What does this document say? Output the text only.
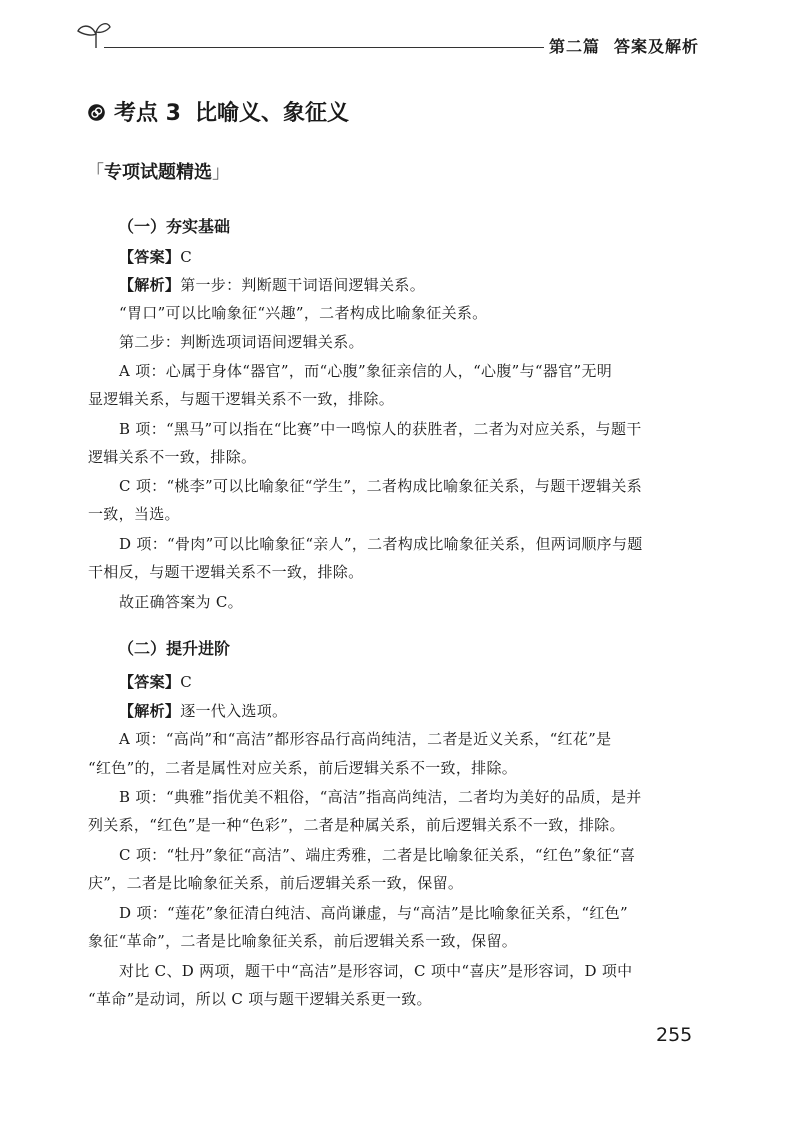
第二篇 答案及解析
考点 3 比喻义、象征义
「专项试题精选」
（一）夯实基础
【答案】C
【解析】第一步：判断题干词语间逻辑关系。
“胃口”可以比喻象征“兴趣”，二者构成比喻象征关系。
第二步：判断选项词语间逻辑关系。
A 项：心属于身体“器官”，而“心腹”象征亲信的人，“心腹”与“器官”无明
显逻辑关系，与题干逻辑关系不一致，排除。
B 项：“黑马”可以指在“比赛”中一鸣惊人的获胜者，二者为对应关系，与题干
逻辑关系不一致，排除。
C 项：“桃李”可以比喻象征“学生”，二者构成比喻象征关系，与题干逻辑关系
一致，当选。
D 项：“骨肉”可以比喻象征“亲人”，二者构成比喻象征关系，但两词顺序与题
干相反，与题干逻辑关系不一致，排除。
故正确答案为 C。
（二）提升进阶
【答案】C
【解析】逐一代入选项。
A 项：“高尚”和“高洁”都形容品行高尚纯洁，二者是近义关系，“红花”是
“红色”的，二者是属性对应关系，前后逻辑关系不一致，排除。
B 项：“典雅”指优美不粗俗，“高洁”指高尚纯洁，二者均为美好的品质，是并
列关系，“红色”是一种“色彩”，二者是种属关系，前后逻辑关系不一致，排除。
C 项：“牡丹”象征“高洁”、端庄秀雅，二者是比喻象征关系，“红色”象征“喜
庆”，二者是比喻象征关系，前后逻辑关系一致，保留。
D 项：“莲花”象征清白纯洁、高尚谦虚，与“高洁”是比喻象征关系，“红色”
象征“革命”，二者是比喻象征关系，前后逻辑关系一致，保留。
对比 C、D 两项，题干中“高洁”是形容词，C 项中“喜庆”是形容词，D 项中
“革命”是动词，所以 C 项与题干逻辑关系更一致。
255
